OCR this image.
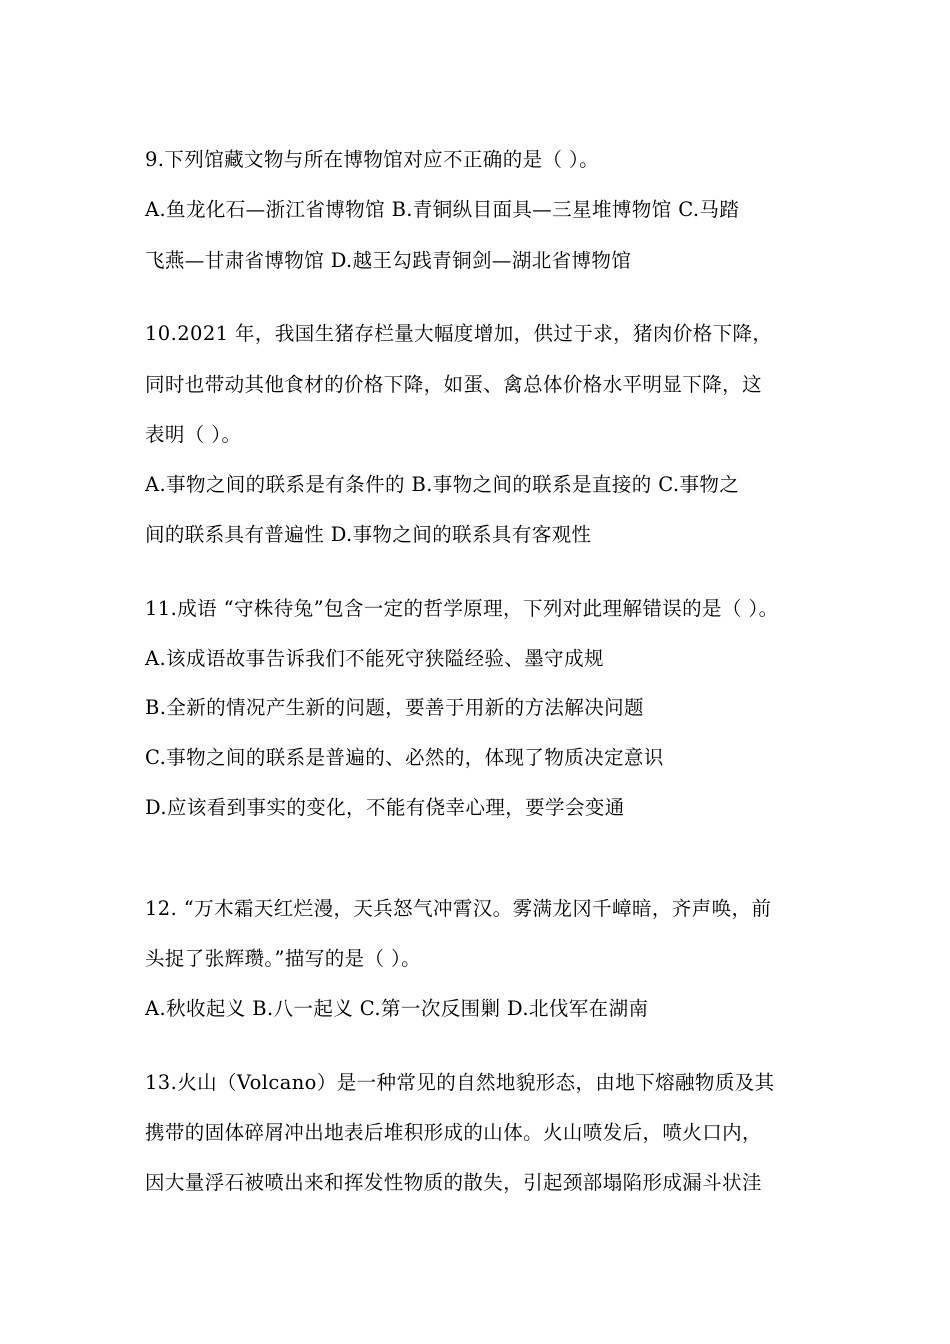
9.下列馆藏文物与所在博物馆对应不正确的是（ ）。
A.鱼龙化石—浙江省博物馆 B.青铜纵目面具—三星堆博物馆 C.马踏
飞燕—甘肃省博物馆 D.越王勾践青铜剑—湖北省博物馆
10.2021 年，我国生猪存栏量大幅度增加，供过于求，猪肉价格下降，
同时也带动其他食材的价格下降，如蛋、禽总体价格水平明显下降，这
表明（ ）。
A.事物之间的联系是有条件的 B.事物之间的联系是直接的 C.事物之
间的联系具有普遍性 D.事物之间的联系具有客观性
11.成语 “守株待兔”包含一定的哲学原理，下列对此理解错误的是（ ）。
A.该成语故事告诉我们不能死守狭隘经验、墨守成规
B.全新的情况产生新的问题，要善于用新的方法解决问题
C.事物之间的联系是普遍的、必然的，体现了物质决定意识
D.应该看到事实的变化，不能有侥幸心理，要学会变通
12. “万木霜天红烂漫，天兵怒气冲霄汉。雾满龙冈千嶂暗，齐声唤，前
头捉了张辉瓒。”描写的是（ ）。
A.秋收起义 B.八一起义 C.第一次反围剿 D.北伐军在湖南
13.火山（Volcano）是一种常见的自然地貌形态，由地下熔融物质及其
携带的固体碎屑冲出地表后堆积形成的山体。火山喷发后，喷火口内，
因大量浮石被喷出来和挥发性物质的散失，引起颈部塌陷形成漏斗状洼
